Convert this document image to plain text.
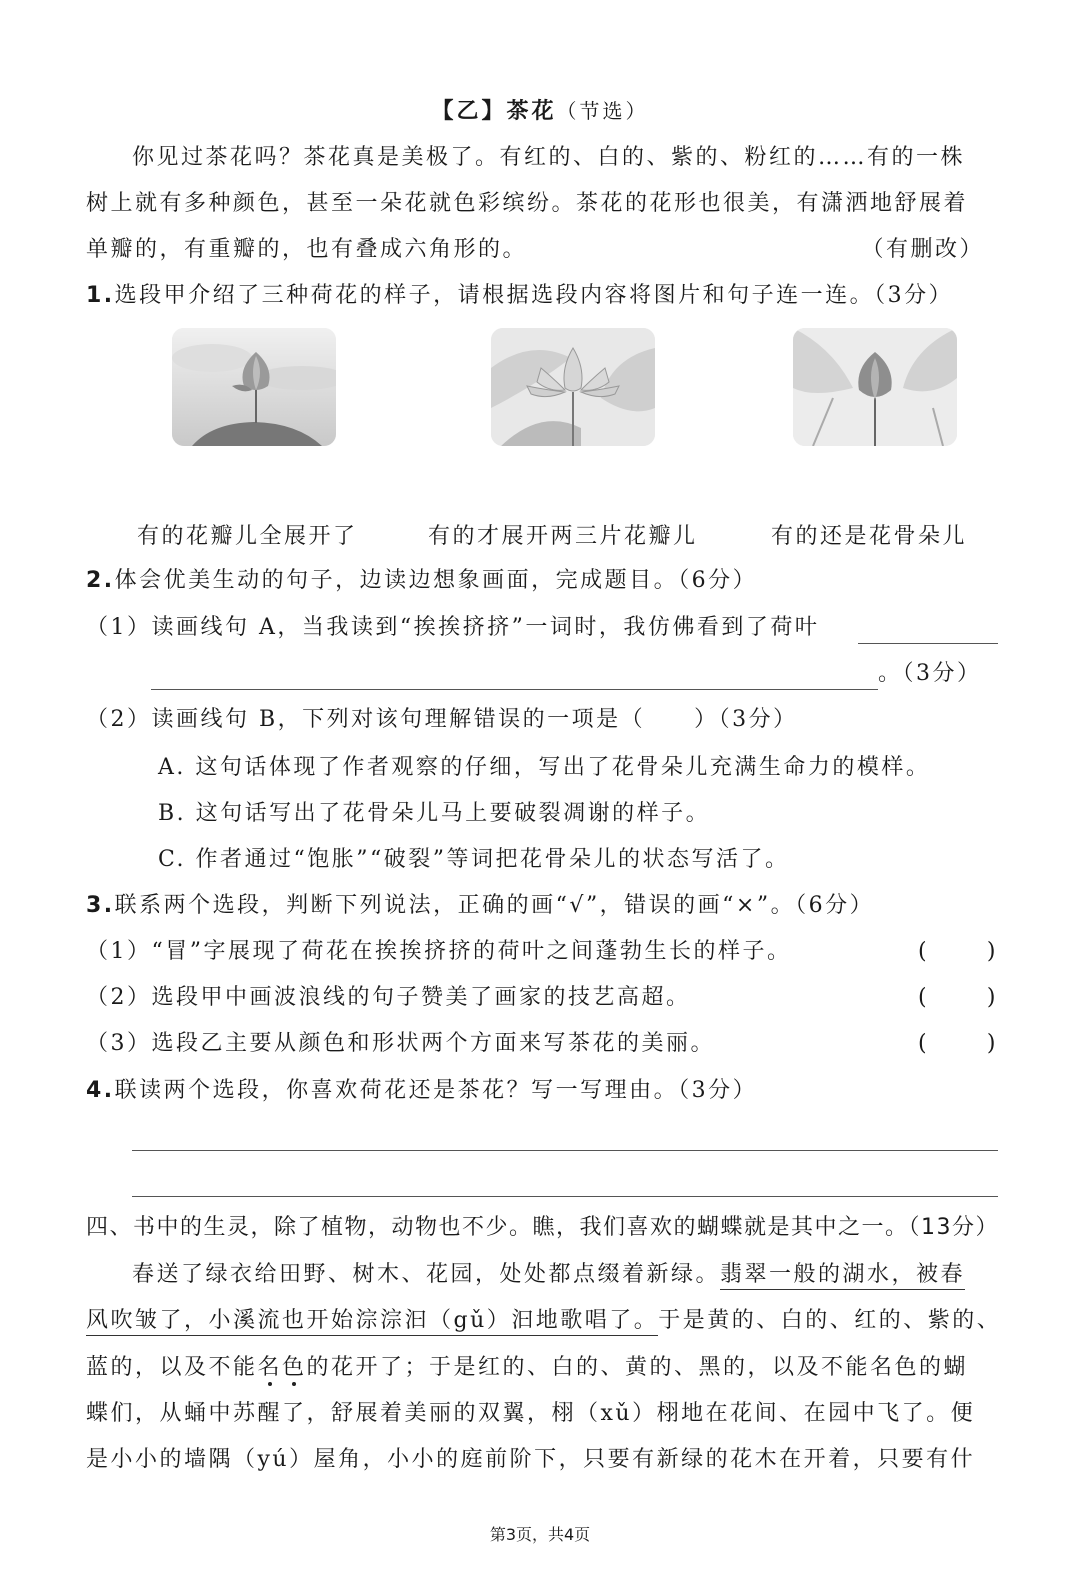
【乙】茶花（节选）
你见过茶花吗？茶花真是美极了。有红的、白的、紫的、粉红的……有的一株
树上就有多种颜色，甚至一朵花就色彩缤纷。茶花的花形也很美，有潇洒地舒展着
单瓣的，有重瓣的，也有叠成六角形的。	（有删改）
1.选段甲介绍了三种荷花的样子，请根据选段内容将图片和句子连一连。（3分）
有的花瓣儿全展开了	有的才展开两三片花瓣儿	有的还是花骨朵儿
2.体会优美生动的句子，边读边想象画面，完成题目。（6分）
（1）读画线句 A，当我读到“挨挨挤挤”一词时，我仿佛看到了荷叶
。（3分）
（2）读画线句 B，下列对该句理解错误的一项是（　　）（3分）
A. 这句话体现了作者观察的仔细，写出了花骨朵儿充满生命力的模样。
B. 这句话写出了花骨朵儿马上要破裂凋谢的样子。
C. 作者通过“饱胀”“破裂”等词把花骨朵儿的状态写活了。
3.联系两个选段，判断下列说法，正确的画“√”，错误的画“×”。（6分）
（1）“冒”字展现了荷花在挨挨挤挤的荷叶之间蓬勃生长的样子。	(	)
（2）选段甲中画波浪线的句子赞美了画家的技艺高超。	(	)
（3）选段乙主要从颜色和形状两个方面来写茶花的美丽。	(	)
4.联读两个选段，你喜欢荷花还是茶花？写一写理由。（3分）
四、书中的生灵，除了植物，动物也不少。瞧，我们喜欢的蝴蝶就是其中之一。（13分）
春送了绿衣给田野、树木、花园，处处都点缀着新绿。翡翠一般的湖水，被春
风吹皱了，小溪流也开始淙淙汩（gǔ）汩地歌唱了。于是黄的、白的、红的、紫的、
蓝的，以及不能名色的花开了；于是红的、白的、黄的、黑的，以及不能名色的蝴
蝶们，从蛹中苏醒了，舒展着美丽的双翼，栩（xǔ）栩地在花间、在园中飞了。便
是小小的墙隅（yú）屋角，小小的庭前阶下，只要有新绿的花木在开着，只要有什
第3页，共4页
